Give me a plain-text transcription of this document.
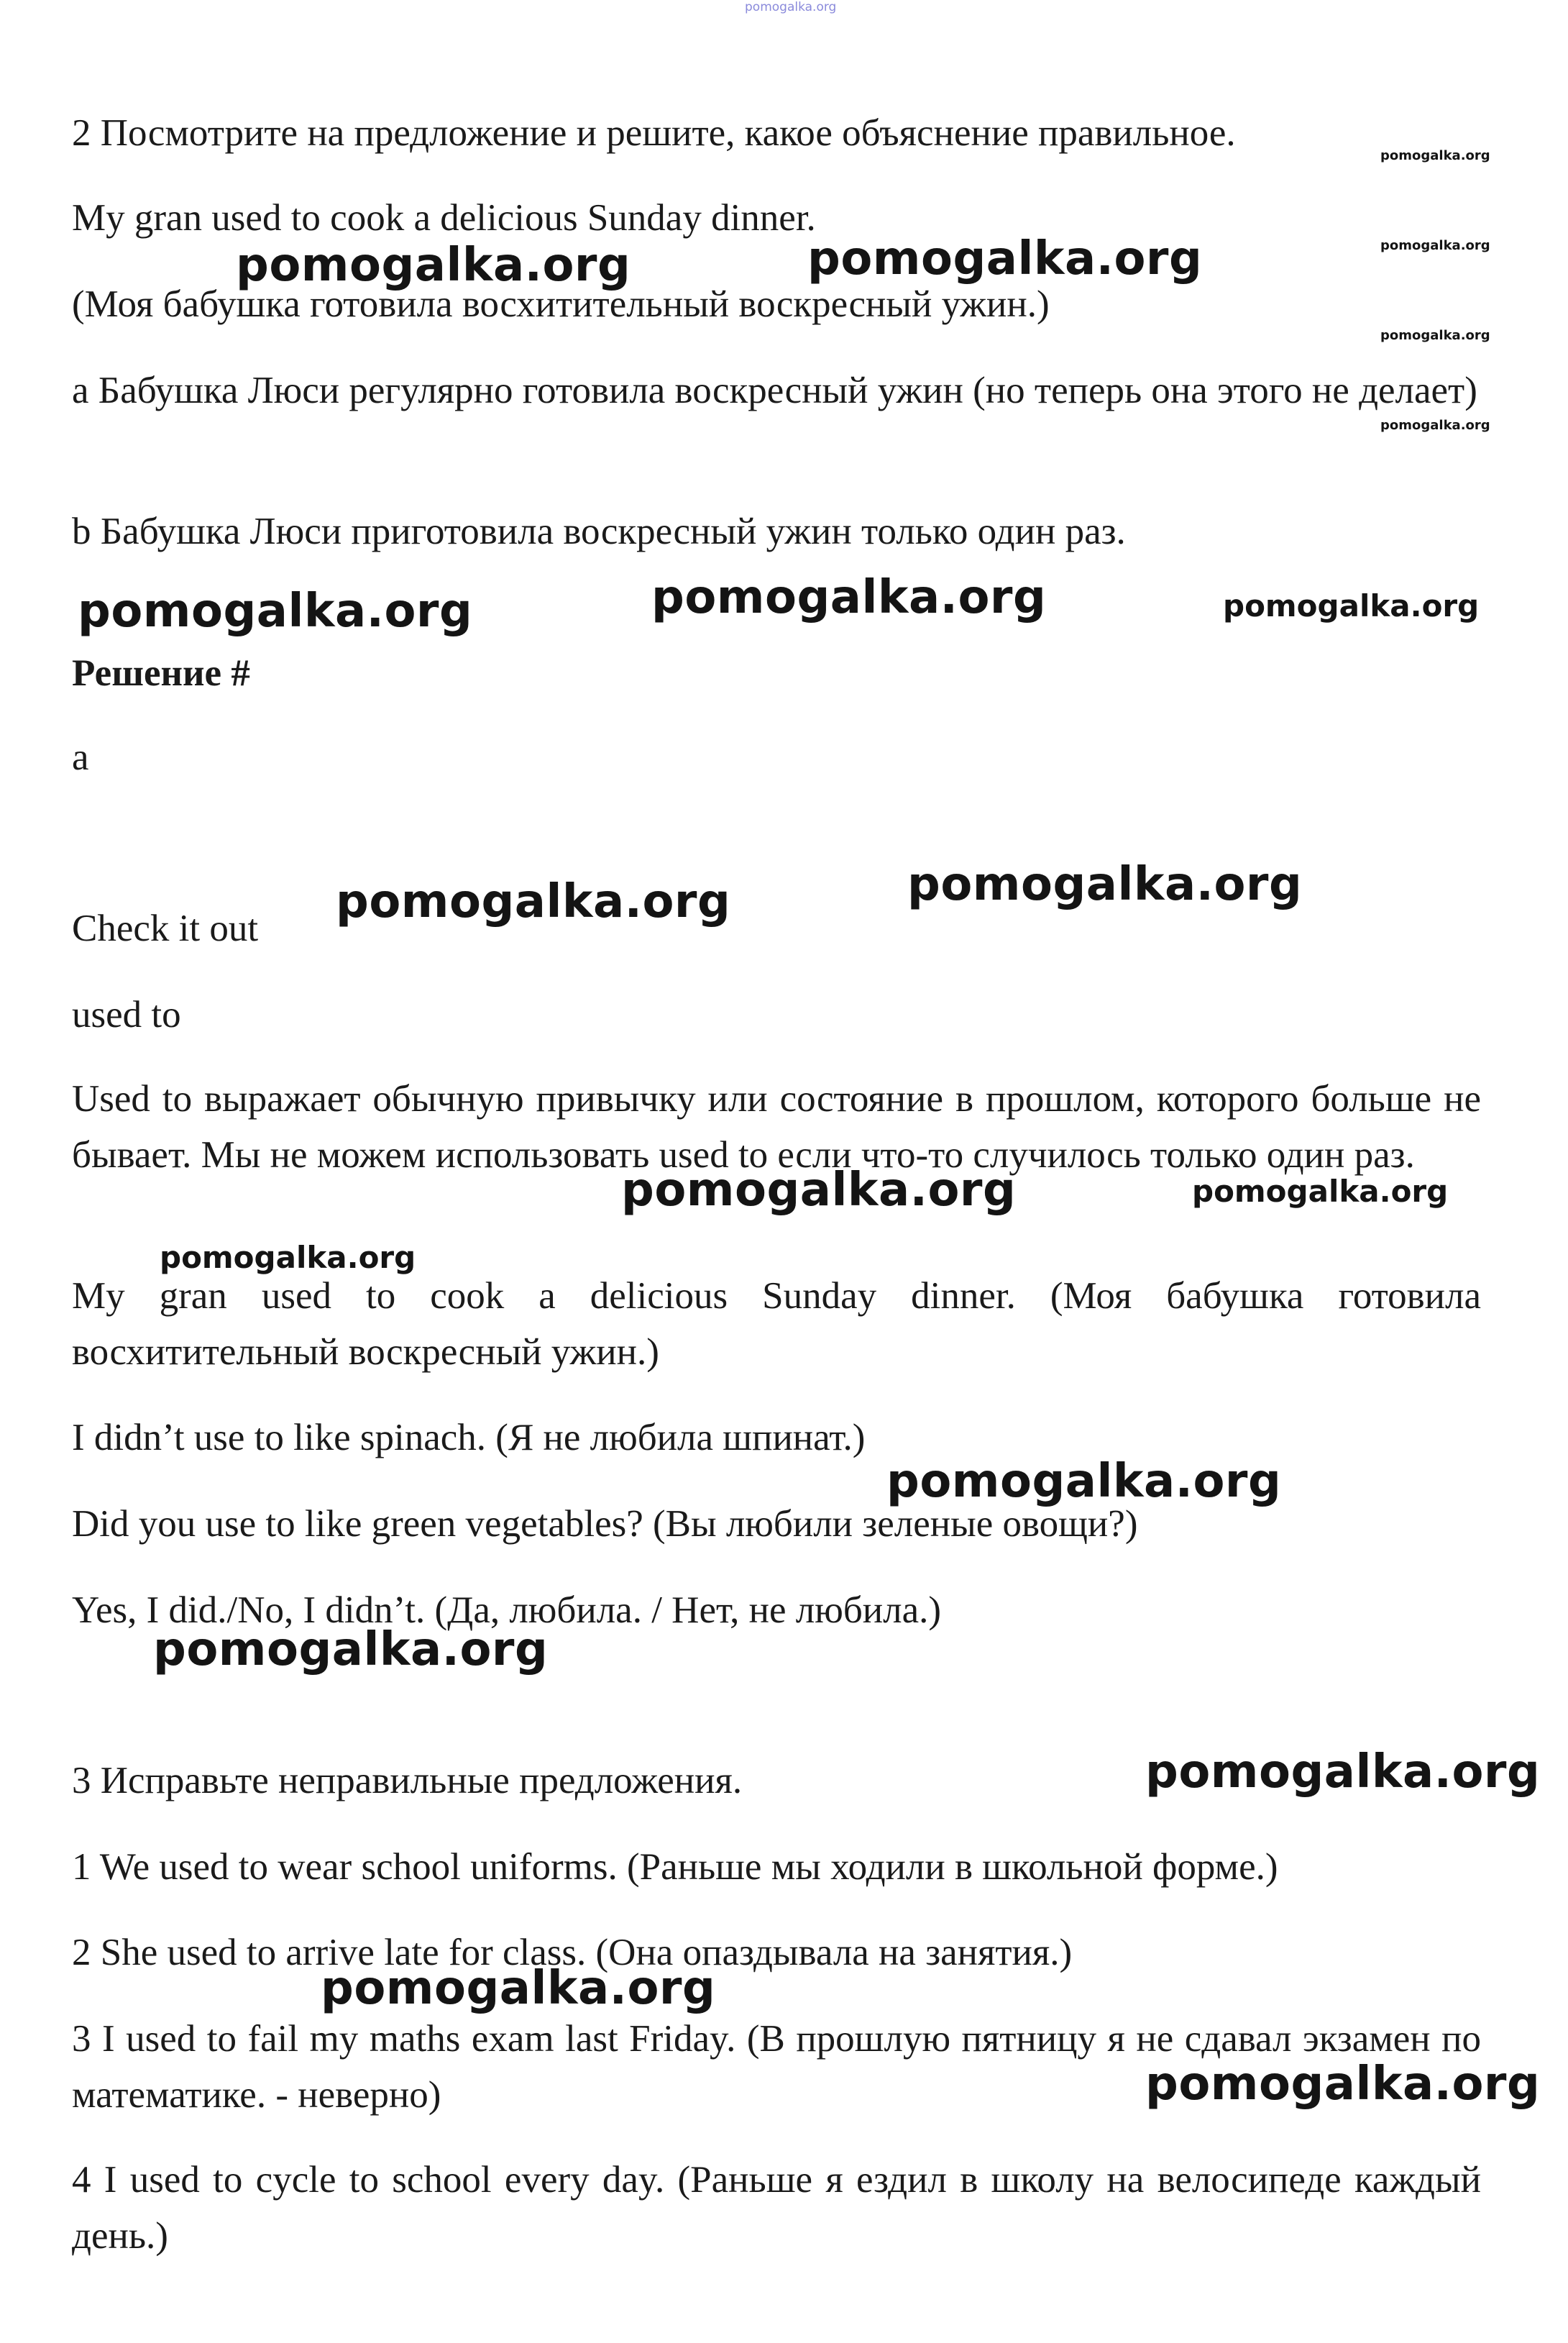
pomogalka.org

2 Посмотрите на предложение и решите, какое объяснение правильное.

My gran used to cook a delicious Sunday dinner.

(Моя бабушка готовила восхитительный воскресный ужин.)

а Бабушка Люси регулярно готовила воскресный ужин (но теперь она этого не делает)

b Бабушка Люси приготовила воскресный ужин только один раз.

Решение #

a

Check it out

used to

Used to выражает обычную привычку или состояние в прошлом, которого больше не бывает. Мы не можем использовать used to если что-то случилось только один раз.

My gran used to cook a delicious Sunday dinner. (Моя бабушка готовила восхитительный воскресный ужин.)

I didn’t use to like spinach. (Я не любила шпинат.)

Did you use to like green vegetables? (Вы любили зеленые овощи?)

Yes, I did./No, I didn’t. (Да, любила. / Нет, не любила.)

3 Исправьте неправильные предложения.

1 We used to wear school uniforms. (Раньше мы ходили в школьной форме.)

2 She used to arrive late for class. (Она опаздывала на занятия.)

3 I used to fail my maths exam last Friday. (В прошлую пятницу я не сдавал экзамен по математике. - неверно)

4 I used to cycle to school every day. (Раньше я ездил в школу на велосипеде каждый день.)

pomogalka.org
pomogalka.org
pomogalka.org
pomogalka.org
pomogalka.org	pomogalka.org
pomogalka.org	pomogalka.org	pomogalka.org
pomogalka.org	pomogalka.org
pomogalka.org	pomogalka.org
pomogalka.org
pomogalka.org
pomogalka.org
pomogalka.org
pomogalka.org
pomogalka.org
